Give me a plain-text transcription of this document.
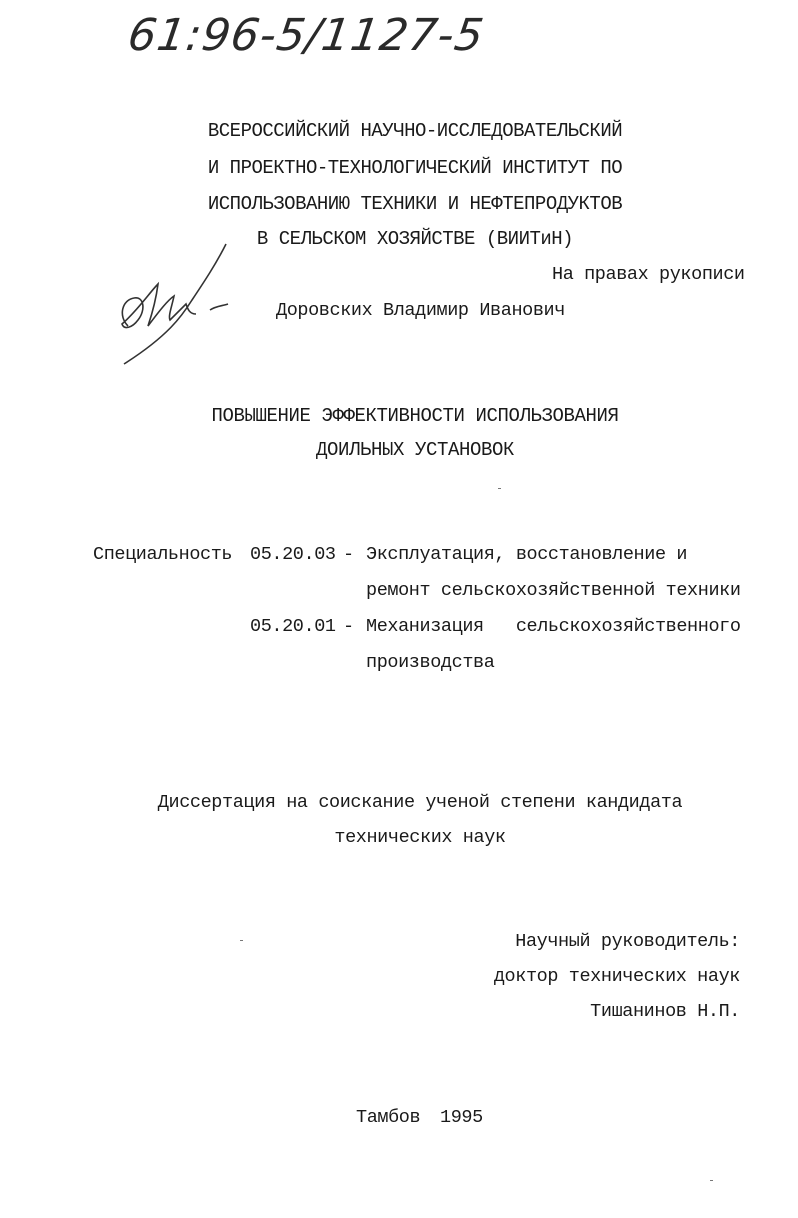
61:96-5/1127-5
ВСЕРОССИЙСКИЙ НАУЧНО-ИССЛЕДОВАТЕЛЬСКИЙ
И ПРОЕКТНО-ТЕХНОЛОГИЧЕСКИЙ ИНСТИТУТ ПО
ИСПОЛЬЗОВАНИЮ ТЕХНИКИ И НЕФТЕПРОДУКТОВ
В СЕЛЬСКОМ ХОЗЯЙСТВЕ (ВИИТиН)
На правах рукописи
Доровских Владимир Иванович
ПОВЫШЕНИЕ ЭФФЕКТИВНОСТИ ИСПОЛЬЗОВАНИЯ
ДОИЛЬНЫХ УСТАНОВОК
Специальность 05.20.03 - Эксплуатация, восстановление и
ремонт сельскохозяйственной техники
05.20.01 - Механизация   сельскохозяйственного
производства
Диссертация на соискание ученой степени кандидата
технических наук
Научный руководитель:
доктор технических наук
Тишанинов Н.П.
Тамбов 1995
